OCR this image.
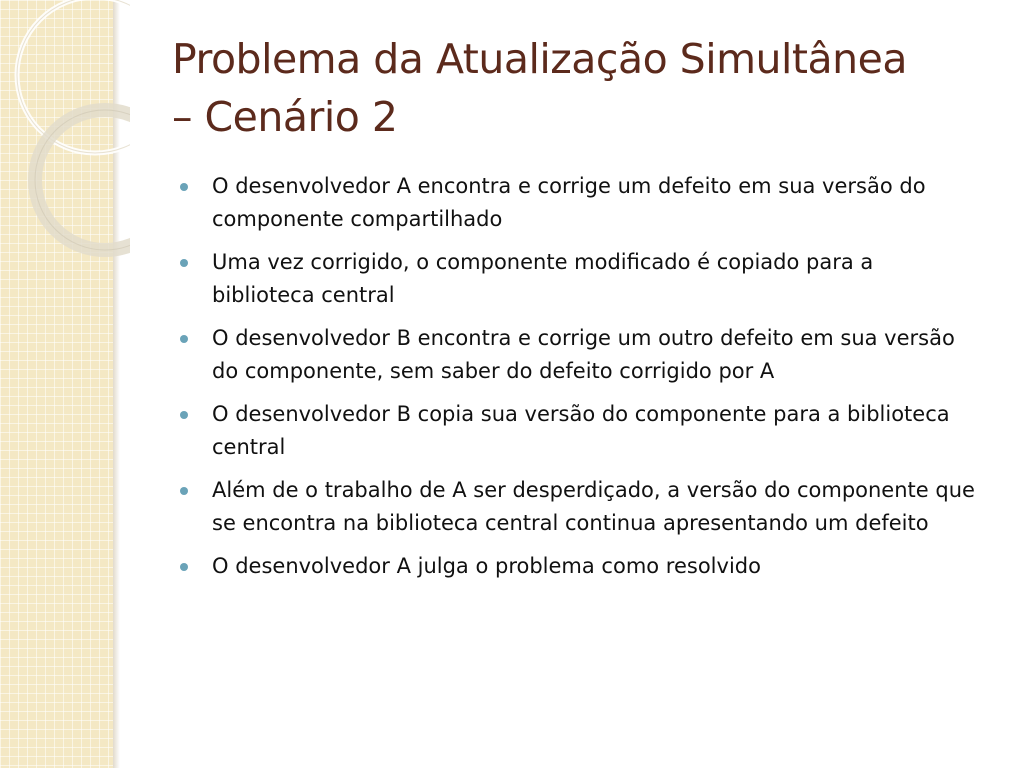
Problema da Atualização Simultânea
– Cenário 2
O desenvolvedor A encontra e corrige um defeito em sua versão do componente compartilhado
Uma vez corrigido, o componente modificado é copiado para a biblioteca central
O desenvolvedor B encontra e corrige um outro defeito em sua versão do componente, sem saber do defeito corrigido por A
O desenvolvedor B copia sua versão do componente para a biblioteca central
Além de o trabalho de A ser desperdiçado, a versão do componente que se encontra na biblioteca central continua apresentando um defeito
O desenvolvedor A julga o problema como resolvido
